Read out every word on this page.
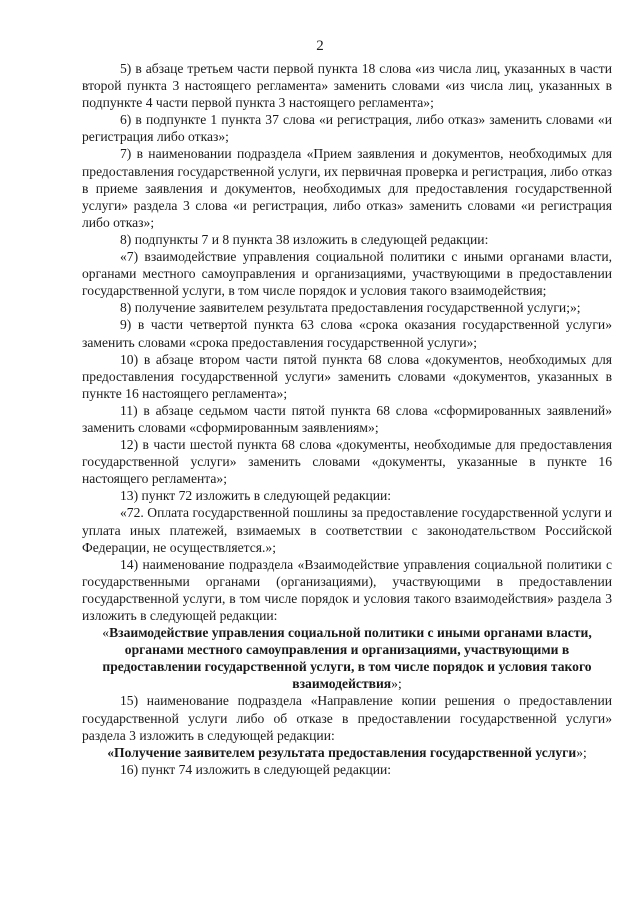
2

5) в абзаце третьем части первой пункта 18 слова «из числа лиц, указанных в части второй пункта 3 настоящего регламента» заменить словами «из числа лиц, указанных в подпункте 4 части первой пункта 3 настоящего регламента»;

6) в подпункте 1 пункта 37 слова «и регистрация, либо отказ» заменить словами «и регистрация либо отказ»;

7) в наименовании подраздела «Прием заявления и документов, необходимых для предоставления государственной услуги, их первичная проверка и регистрация, либо отказ в приеме заявления и документов, необходимых для предоставления государственной услуги» раздела 3 слова «и регистрация, либо отказ» заменить словами «и регистрация либо отказ»;

8) подпункты 7 и 8 пункта 38 изложить в следующей редакции:

«7) взаимодействие управления социальной политики с иными органами власти, органами местного самоуправления и организациями, участвующими в предоставлении государственной услуги, в том числе порядок и условия такого взаимодействия;

8) получение заявителем результата предоставления государственной услуги;»;

9) в части четвертой пункта 63 слова «срока оказания государственной услуги» заменить словами «срока предоставления государственной услуги»;

10) в абзаце втором части пятой пункта 68 слова «документов, необходимых для предоставления государственной услуги» заменить словами «документов, указанных в пункте 16 настоящего регламента»;

11) в абзаце седьмом части пятой пункта 68 слова «сформированных заявлений» заменить словами «сформированным заявлениям»;

12) в части шестой пункта 68 слова «документы, необходимые для предоставления государственной услуги» заменить словами «документы, указанные в пункте 16 настоящего регламента»;

13) пункт 72 изложить в следующей редакции:

«72. Оплата государственной пошлины за предоставление государственной услуги и уплата иных платежей, взимаемых в соответствии с законодательством Российской Федерации, не осуществляется.»;

14) наименование подраздела «Взаимодействие управления социальной политики с государственными органами (организациями), участвующими в предоставлении государственной услуги, в том числе порядок и условия такого взаимодействия» раздела 3 изложить в следующей редакции:

«Взаимодействие управления социальной политики с иными органами власти, органами местного самоуправления и организациями, участвующими в предоставлении государственной услуги, в том числе порядок и условия такого взаимодействия»;

15) наименование подраздела «Направление копии решения о предоставлении государственной услуги либо об отказе в предоставлении государственной услуги» раздела 3 изложить в следующей редакции:

«Получение заявителем результата предоставления государственной услуги»;

16) пункт 74 изложить в следующей редакции:
